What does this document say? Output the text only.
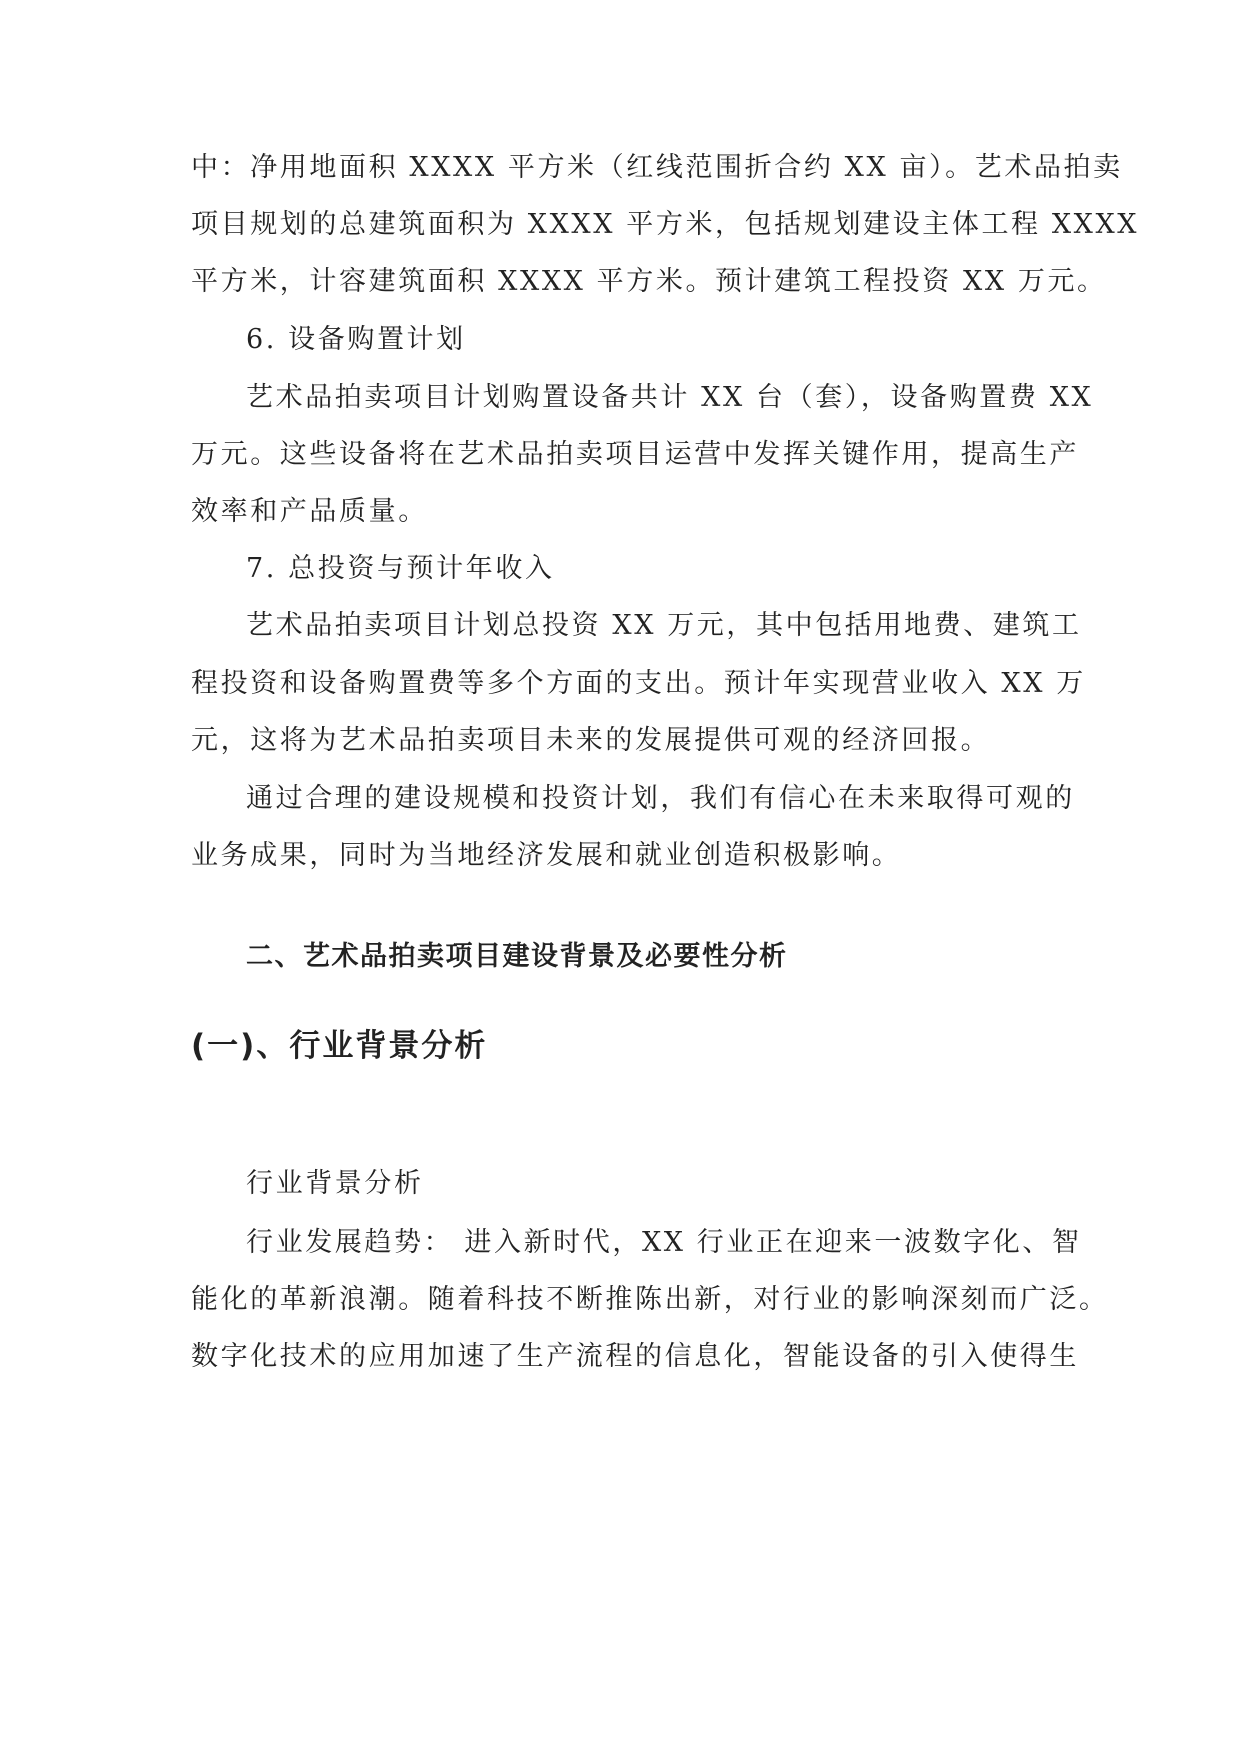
中：净用地面积 XXXX 平方米（红线范围折合约 XX 亩）。艺术品拍卖
项目规划的总建筑面积为 XXXX 平方米，包括规划建设主体工程 XXXX
平方米，计容建筑面积 XXXX 平方米。预计建筑工程投资 XX 万元。
6. 设备购置计划
艺术品拍卖项目计划购置设备共计 XX 台（套），设备购置费 XX
万元。这些设备将在艺术品拍卖项目运营中发挥关键作用，提高生产
效率和产品质量。
7. 总投资与预计年收入
艺术品拍卖项目计划总投资 XX 万元，其中包括用地费、建筑工
程投资和设备购置费等多个方面的支出。预计年实现营业收入 XX 万
元，这将为艺术品拍卖项目未来的发展提供可观的经济回报。
通过合理的建设规模和投资计划，我们有信心在未来取得可观的
业务成果，同时为当地经济发展和就业创造积极影响。
二、艺术品拍卖项目建设背景及必要性分析
(一)、行业背景分析
行业背景分析
行业发展趋势： 进入新时代，XX 行业正在迎来一波数字化、智
能化的革新浪潮。随着科技不断推陈出新，对行业的影响深刻而广泛。
数字化技术的应用加速了生产流程的信息化，智能设备的引入使得生
